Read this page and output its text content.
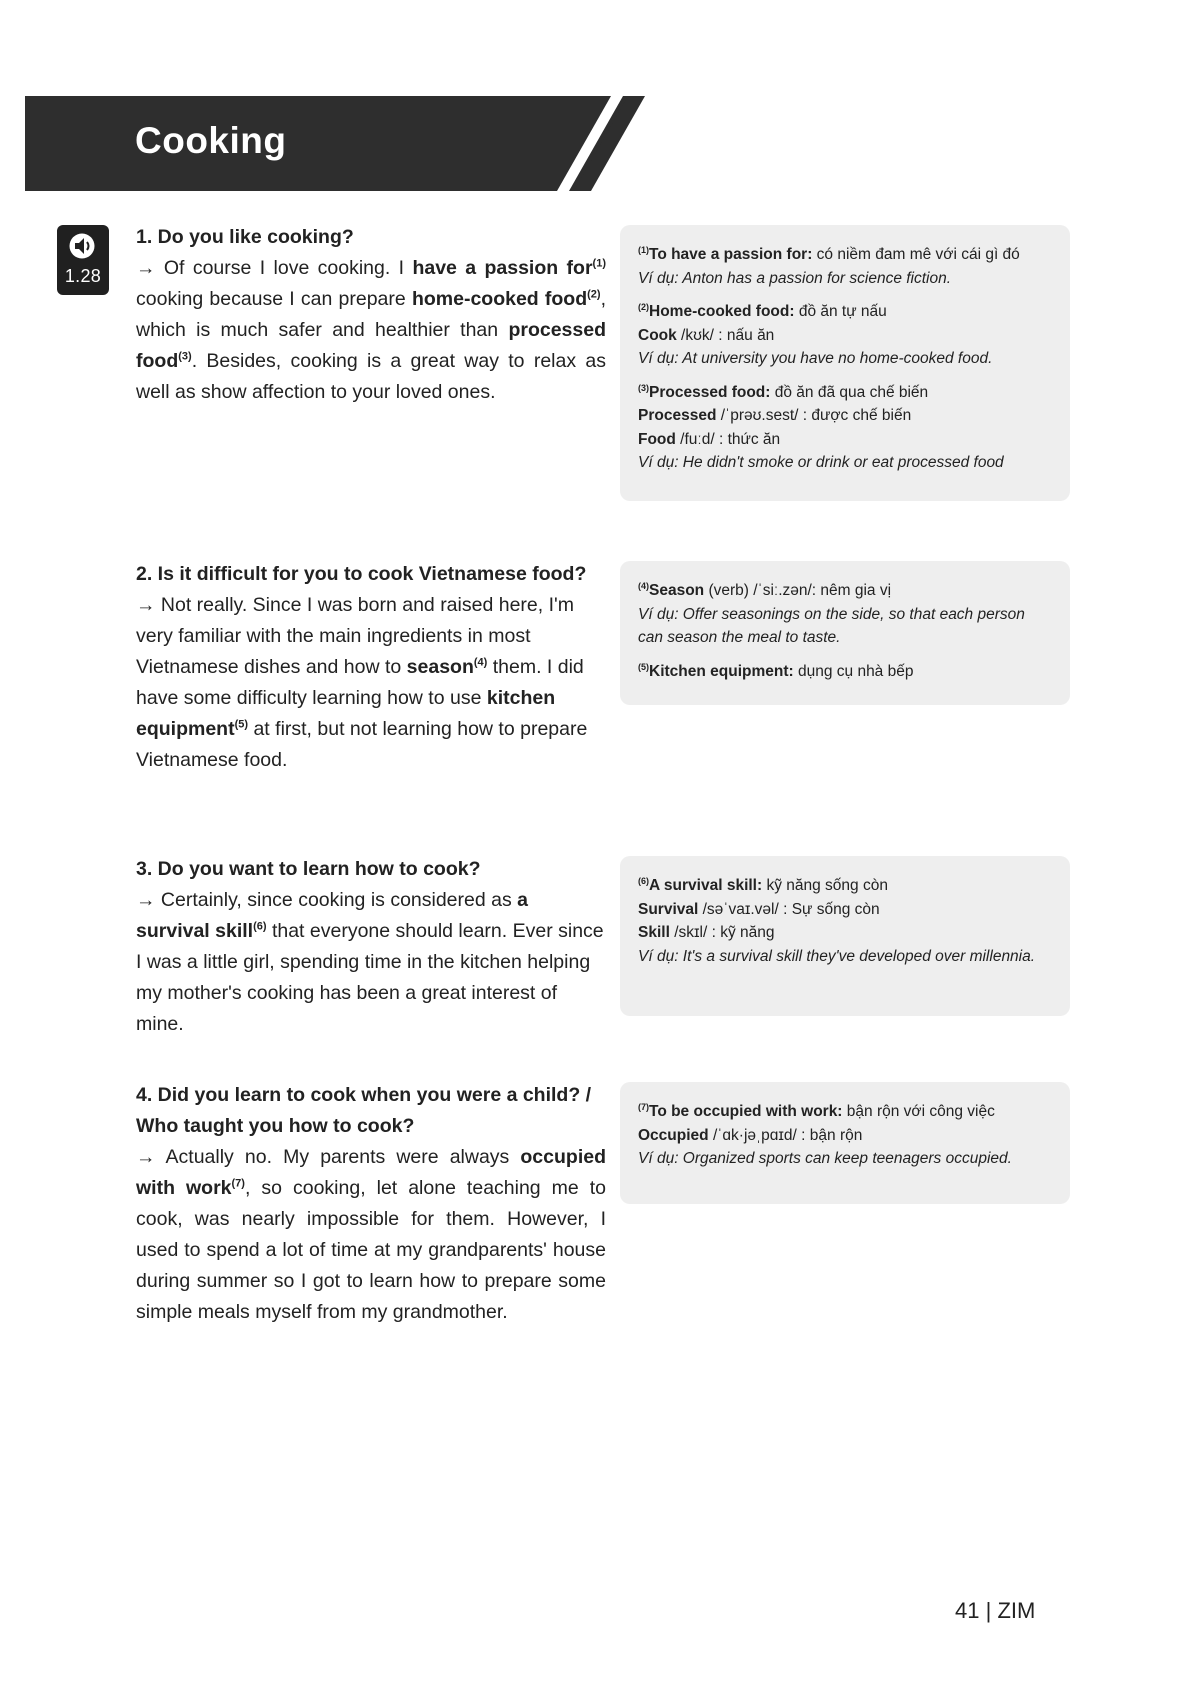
Cooking
1.28
1. Do you like cooking?
→ Of course I love cooking. I have a passion for$^{(1)}$ cooking because I can prepare home-cooked food$^{(2)}$, which is much safer and healthier than processed food$^{(3)}$. Besides, cooking is a great way to relax as well as show affection to your loved ones.
2. Is it difficult for you to cook Vietnamese food?
→ Not really. Since I was born and raised here, I'm very familiar with the main ingredients in most Vietnamese dishes and how to season$^{(4)}$ them. I did have some difficulty learning how to use kitchen equipment$^{(5)}$ at first, but not learning how to prepare Vietnamese food.
3. Do you want to learn how to cook?
→ Certainly, since cooking is considered as a survival skill$^{(6)}$ that everyone should learn. Ever since I was a little girl, spending time in the kitchen helping my mother's cooking has been a great interest of mine.
4. Did you learn to cook when you were a child? / Who taught you how to cook?
→ Actually no. My parents were always occupied with work$^{(7)}$, so cooking, let alone teaching me to cook, was nearly impossible for them. However, I used to spend a lot of time at my grandparents' house during summer so I got to learn how to prepare some simple meals myself from my grandmother.
$^{(1)}$To have a passion for: có niềm đam mê với cái gì đó
Ví dụ: Anton has a passion for science fiction.
$^{(2)}$Home-cooked food: đồ ăn tự nấu
Cook /kʊk/ : nấu ăn
Ví dụ: At university you have no home-cooked food.
$^{(3)}$Processed food: đồ ăn đã qua chế biến
Processed /ˈprəʊ.sest/ : được chế biến
Food /fuːd/ : thức ăn
Ví dụ: He didn't smoke or drink or eat processed food
$^{(4)}$Season (verb) /ˈsiː.zən/: nêm gia vị
Ví dụ: Offer seasonings on the side, so that each person can season the meal to taste.
$^{(5)}$Kitchen equipment: dụng cụ nhà bếp
$^{(6)}$A survival skill: kỹ năng sống còn
Survival /səˈvaɪ.vəl/ : Sự sống còn
Skill /skɪl/ : kỹ năng
Ví dụ: It's a survival skill they've developed over millennia.
$^{(7)}$To be occupied with work: bận rộn với công việc
Occupied /ˈɑk·jəˌpɑɪd/ : bận rộn
Ví dụ: Organized sports can keep teenagers occupied.
41 | ZIM
